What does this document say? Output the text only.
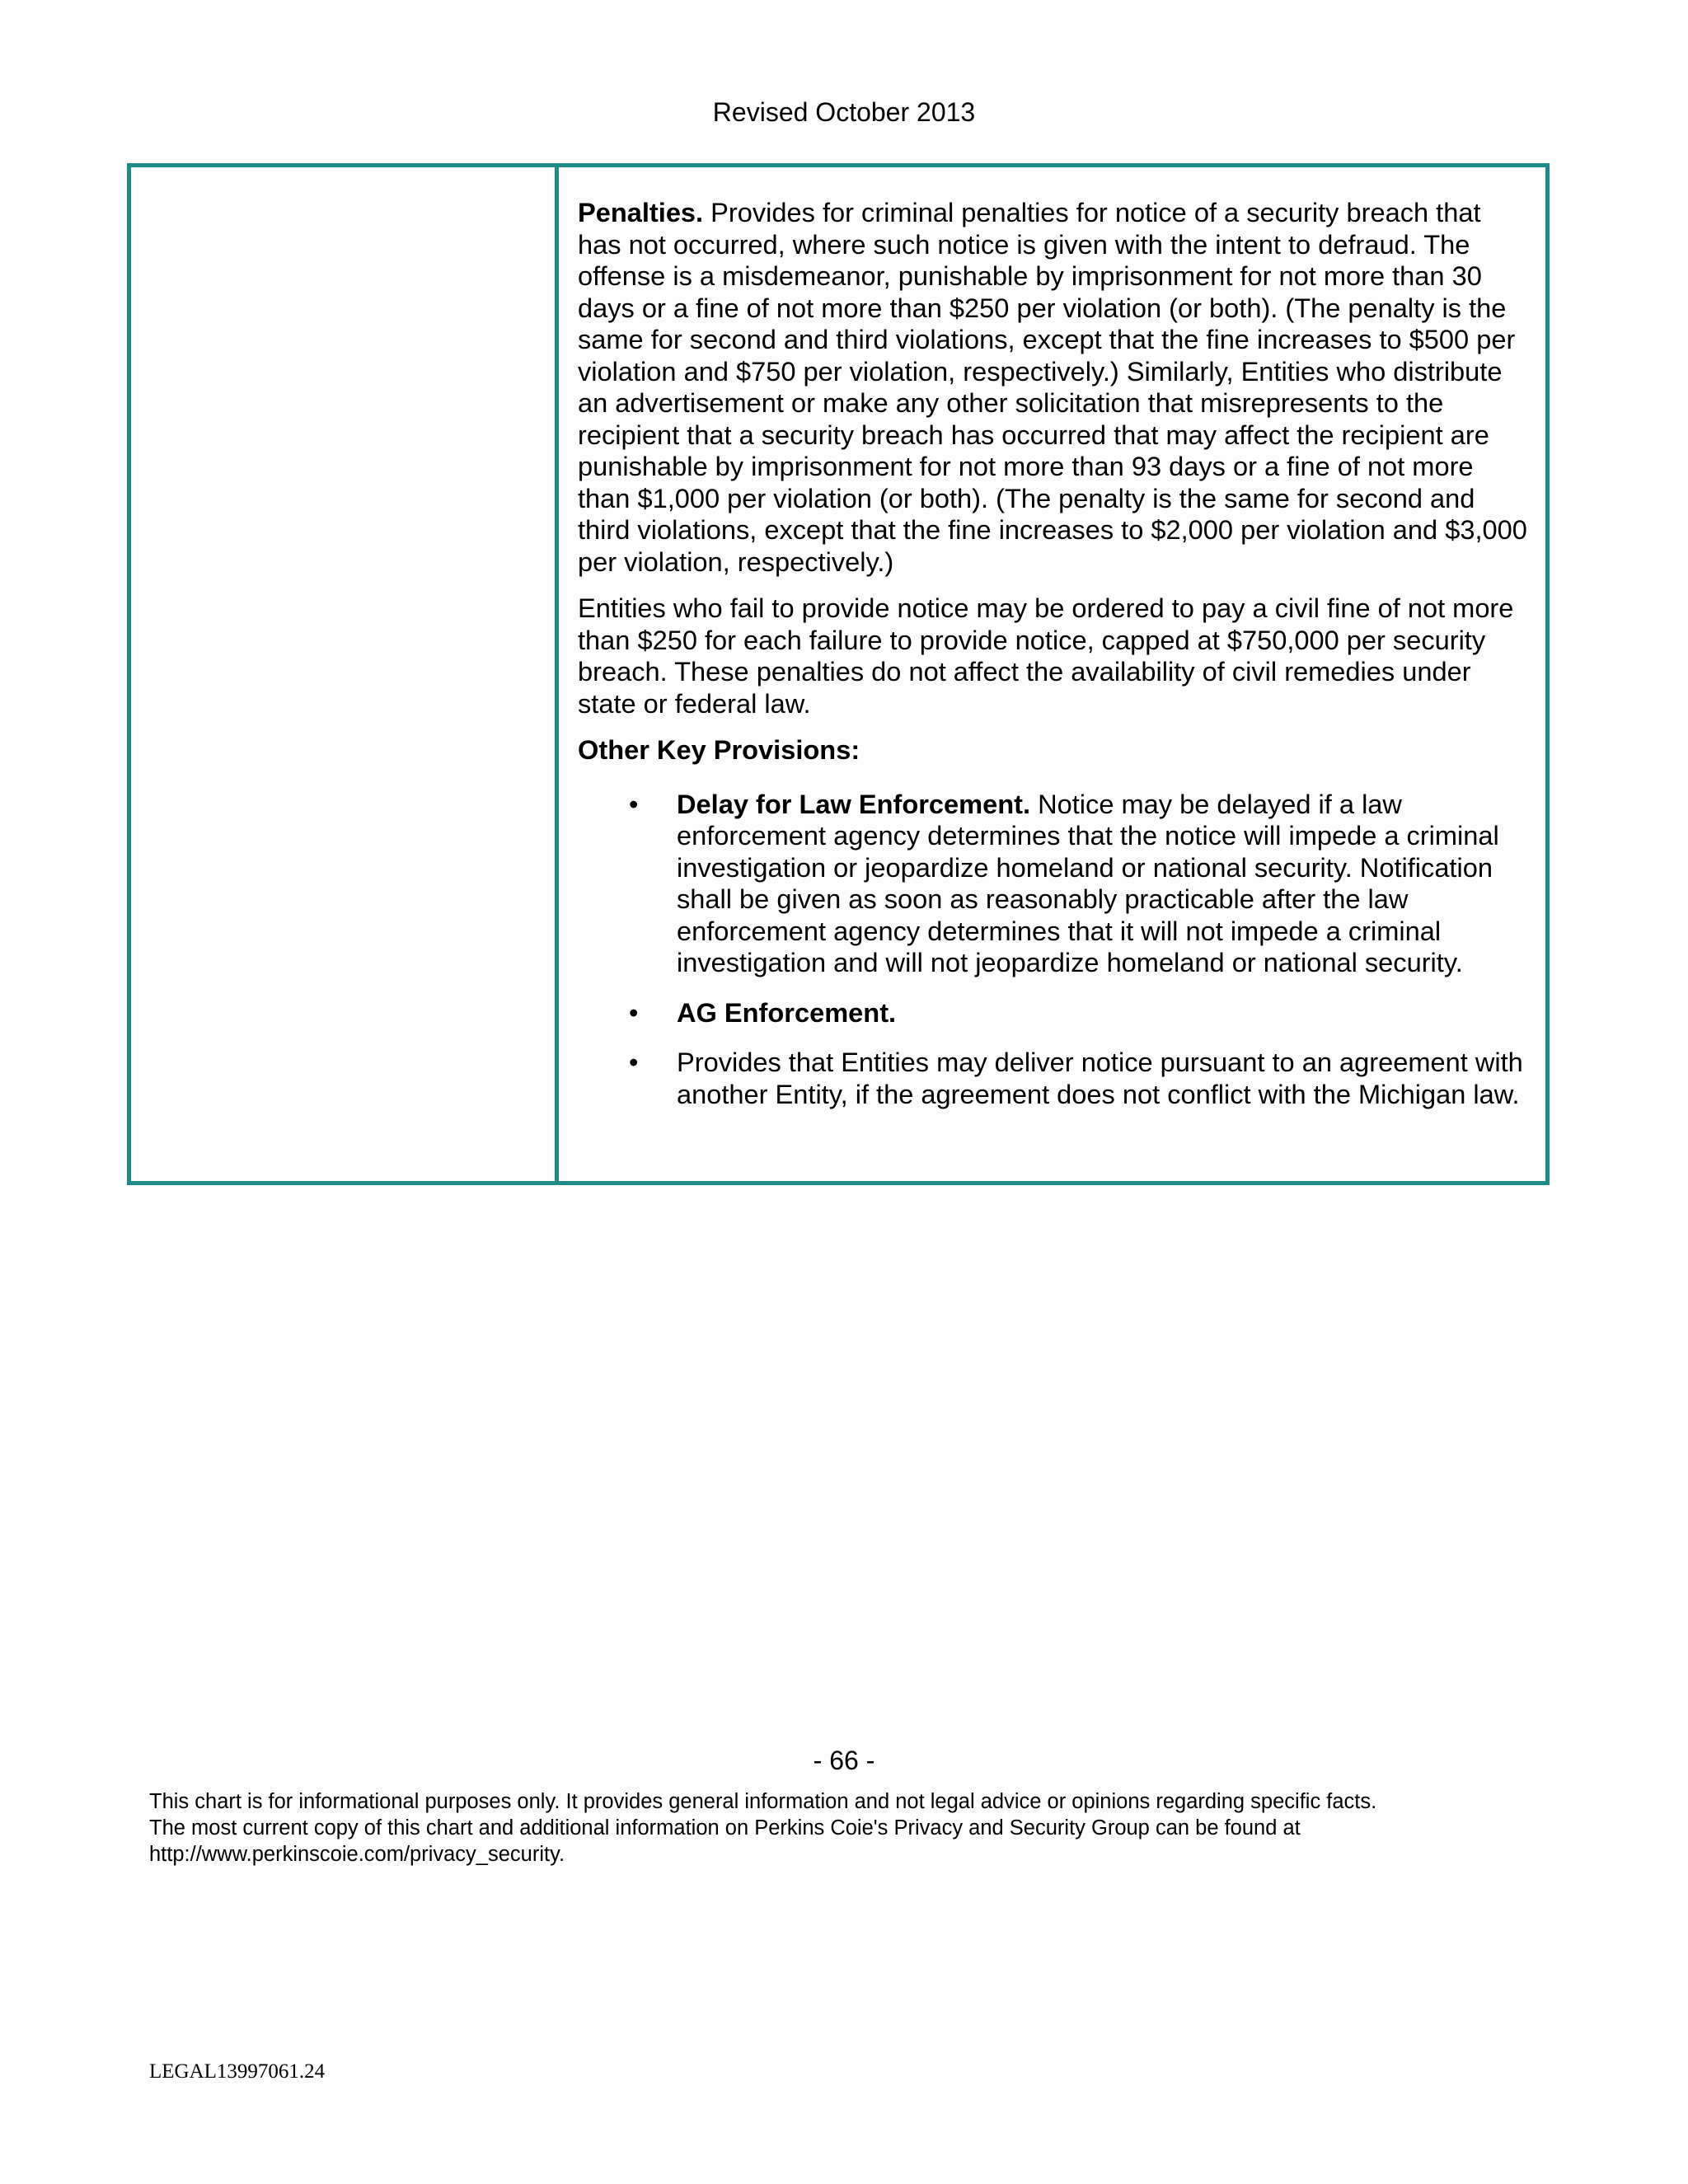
Revised October 2013

Penalties. Provides for criminal penalties for notice of a security breach that has not occurred, where such notice is given with the intent to defraud. The offense is a misdemeanor, punishable by imprisonment for not more than 30 days or a fine of not more than $250 per violation (or both). (The penalty is the same for second and third violations, except that the fine increases to $500 per violation and $750 per violation, respectively.) Similarly, Entities who distribute an advertisement or make any other solicitation that misrepresents to the recipient that a security breach has occurred that may affect the recipient are punishable by imprisonment for not more than 93 days or a fine of not more than $1,000 per violation (or both). (The penalty is the same for second and third violations, except that the fine increases to $2,000 per violation and $3,000 per violation, respectively.)

Entities who fail to provide notice may be ordered to pay a civil fine of not more than $250 for each failure to provide notice, capped at $750,000 per security breach. These penalties do not affect the availability of civil remedies under state or federal law.

Other Key Provisions:

• Delay for Law Enforcement. Notice may be delayed if a law enforcement agency determines that the notice will impede a criminal investigation or jeopardize homeland or national security. Notification shall be given as soon as reasonably practicable after the law enforcement agency determines that it will not impede a criminal investigation and will not jeopardize homeland or national security.
• AG Enforcement.
• Provides that Entities may deliver notice pursuant to an agreement with another Entity, if the agreement does not conflict with the Michigan law.
- 66 -
This chart is for informational purposes only. It provides general information and not legal advice or opinions regarding specific facts.
The most current copy of this chart and additional information on Perkins Coie's Privacy and Security Group can be found at
http://www.perkinscoie.com/privacy_security.
LEGAL13997061.24
